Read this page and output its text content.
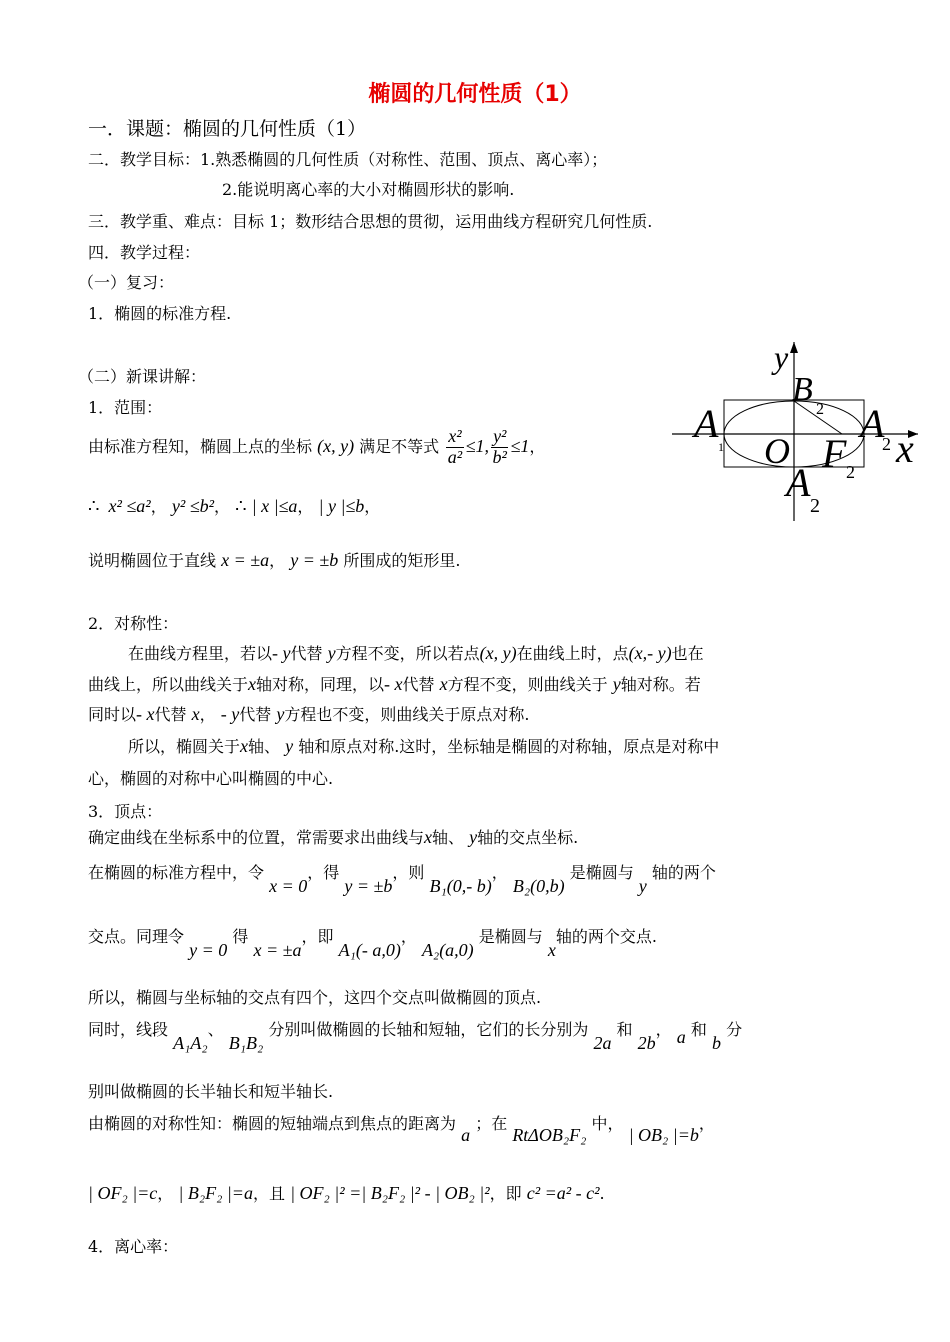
椭圆的几何性质（1）
一．课题：椭圆的几何性质（1）
二．教学目标：1.熟悉椭圆的几何性质（对称性、范围、顶点、离心率）；
2.能说明离心率的大小对椭圆形状的影响.
三．教学重、难点：目标 1；数形结合思想的贯彻，运用曲线方程研究几何性质.
四．教学过程：
（一）复习：
1．椭圆的标准方程.
（二）新课讲解：
1．范围：
由标准方程知，椭圆上点的坐标 (x, y) 满足不等式 $\frac{\text{x²}}{\text{a²}} \le 1$, $\frac{\text{y²}}{\text{b²}} \le 1$，
∴ x² ≤a²， y² ≤b²， ∴ | x |≤a， | y |≤b，
说明椭圆位于直线 x = ±a， y = ±b 所围成的矩形里.
y
B
2
A
1
A
2 x
O F 2
A
2
2．对称性：
在曲线方程里，若以- y代替 y方程不变，所以若点(x, y)在曲线上时，点(x,- y)也在
曲线上，所以曲线关于x轴对称，同理，以- x代替 x方程不变，则曲线关于 y轴对称。若
同时以- x代替 x， - y代替 y方程也不变，则曲线关于原点对称.
所以，椭圆关于x轴、 y 轴和原点对称.这时，坐标轴是椭圆的对称轴，原点是对称中
心，椭圆的对称中心叫椭圆的中心.
3．顶点：
确定曲线在坐标系中的位置，常需要求出曲线与x轴、 y轴的交点坐标.
在椭圆的标准方程中，令 x = 0，得 y = ±b，则 B₁(0,- b)， B₂(0,b) 是椭圆与 y 轴的两个
交点。同理令 y = 0 得 x = ±a，即 A₁(- a,0)， A₂(a,0) 是椭圆与 x轴的两个交点.
所以，椭圆与坐标轴的交点有四个，这四个交点叫做椭圆的顶点.
同时，线段 A₁A₂、 B₁B₂ 分别叫做椭圆的长轴和短轴，它们的长分别为 2a 和 2b， a 和 b 分
别叫做椭圆的长半轴长和短半轴长.
由椭圆的对称性知：椭圆的短轴端点到焦点的距离为 a ；在 RtΔOB₂F₂ 中， | OB₂ |=b，
| OF₂ |=c， | B₂F₂ |=a，且 | OF₂ |² =| B₂F₂ |² - | OB₂ |²，即 c² =a² - c².
4．离心率：
